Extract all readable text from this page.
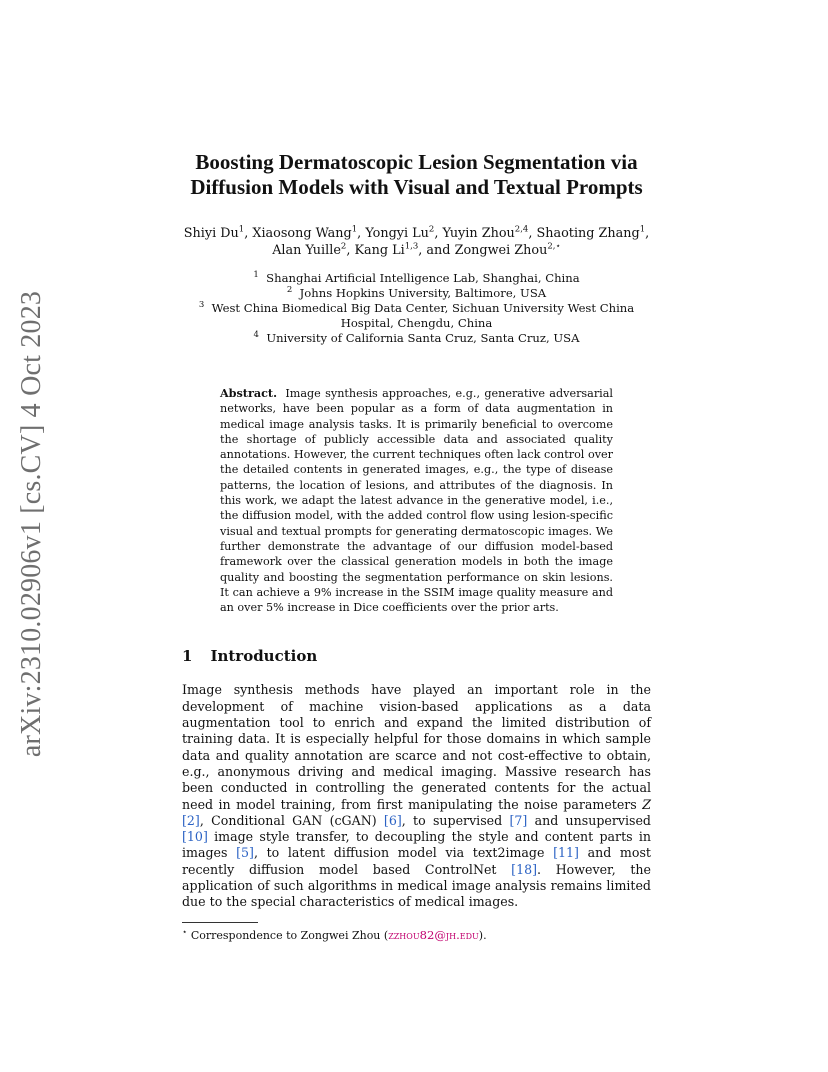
arXiv:2310.02906v1 [cs.CV] 4 Oct 2023
Boosting Dermatoscopic Lesion Segmentation via Diffusion Models with Visual and Textual Prompts
Shiyi Du$^1$, Xiaosong Wang$^1$, Yongyi Lu$^2$, Yuyin Zhou$^{2,4}$, Shaoting Zhang$^1$, Alan Yuille$^2$, Kang Li$^{1,3}$, and Zongwei Zhou$^{2,⋆}$
$^1$ Shanghai Artificial Intelligence Lab, Shanghai, China
$^2$ Johns Hopkins University, Baltimore, USA
$^3$ West China Biomedical Big Data Center, Sichuan University West China Hospital, Chengdu, China
$^4$ University of California Santa Cruz, Santa Cruz, USA
Abstract. Image synthesis approaches, e.g., generative adversarial networks, have been popular as a form of data augmentation in medical image analysis tasks. It is primarily beneficial to overcome the shortage of publicly accessible data and associated quality annotations. However, the current techniques often lack control over the detailed contents in generated images, e.g., the type of disease patterns, the location of lesions, and attributes of the diagnosis. In this work, we adapt the latest advance in the generative model, i.e., the diffusion model, with the added control flow using lesion-specific visual and textual prompts for generating dermatoscopic images. We further demonstrate the advantage of our diffusion model-based framework over the classical generation models in both the image quality and boosting the segmentation performance on skin lesions. It can achieve a 9% increase in the SSIM image quality measure and an over 5% increase in Dice coefficients over the prior arts.
1 Introduction

Image synthesis methods have played an important role in the development of machine vision-based applications as a data augmentation tool to enrich and expand the limited distribution of training data. It is especially helpful for those domains in which sample data and quality annotation are scarce and not cost-effective to obtain, e.g., anonymous driving and medical imaging. Massive research has been conducted in controlling the generated contents for the actual need in model training, from first manipulating the noise parameters Z [2], Conditional GAN (cGAN) [6], to supervised [7] and unsupervised [10] image style transfer, to decoupling the style and content parts in images [5], to latent diffusion model via text2image [11] and most recently diffusion model based ControlNet [18]. However, the application of such algorithms in medical image analysis remains limited due to the special characteristics of medical images.

⋆ Correspondence to Zongwei Zhou (zzhou82@jh.edu).
